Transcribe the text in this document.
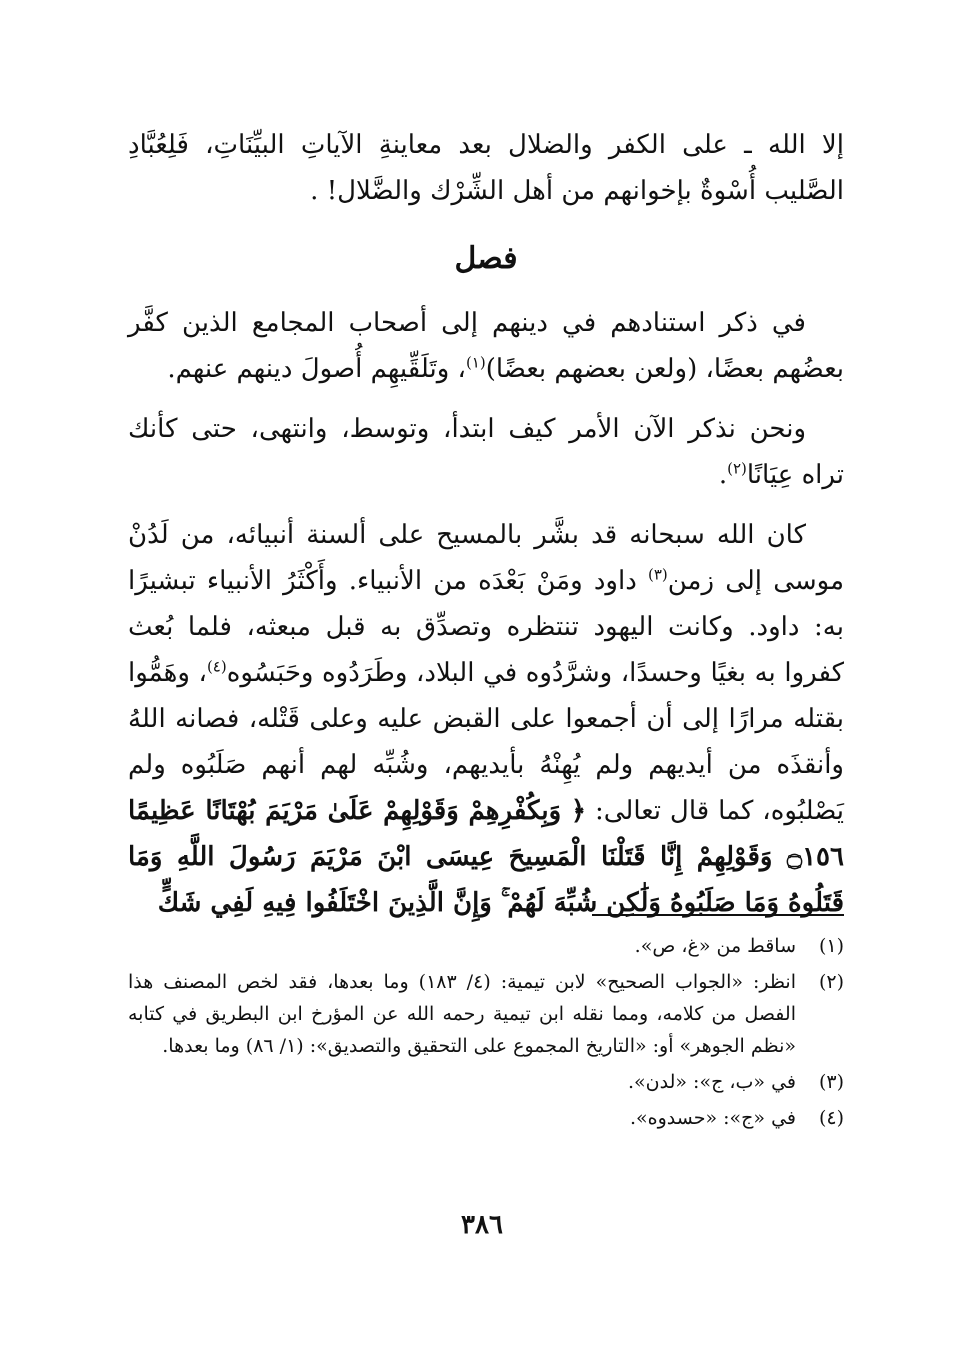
إلا الله ـ على الكفر والضلال بعد معاينةِ الآياتِ البيِّنَاتِ، فَلِعُبَّادِ الصَّليب أُسْوةٌ بإخوانهم من أهل الشِّرْك والضَّلال! .

فصل

في ذكر استنادهم في دينهم إلى أصحاب المجامع الذين كفَّر بعضُهم بعضًا، (ولعن بعضهم بعضًا)$^{(١)}$، وتَلَقِّيهِم أُصولَ دينهم عنهم.

ونحن نذكر الآن الأمر كيف ابتدأ، وتوسط، وانتهى، حتى كأنك تراه عِيَانًا$^{(٢)}$.

كان الله سبحانه قد بشَّر بالمسيح على ألسنة أنبيائه، من لَدُنْ موسى إلى زمن$^{(٣)}$ داود ومَنْ بَعْدَه من الأنبياء. وأَكْثَرُ الأنبياء تبشيرًا به: داود. وكانت اليهود تنتظره وتصدِّق به قبل مبعثه، فلما بُعث كفروا به بغيًا وحسدًا، وشرَّدُوه في البلاد، وطَرَدُوه وحَبَسُوه$^{(٤)}$، وهَمُّوا بقتله مرارًا إلى أن أجمعوا على القبض عليه وعلى قَتْله، فصانه اللهُ وأنقذَه من أيديهم ولم يُهِنْهُ بأيديهم، وشُبِّه لهم أنهم صَلَبُوه ولم يَصْلبُوه، كما قال تعالى: ﴿ وَبِكُفْرِهِمْ وَقَوْلِهِمْ عَلَىٰ مَرْيَمَ بُهْتَانًا عَظِيمًا ۝١٥٦ وَقَوْلِهِمْ إِنَّا قَتَلْنَا الْمَسِيحَ عِيسَى ابْنَ مَرْيَمَ رَسُولَ اللَّهِ وَمَا قَتَلُوهُ وَمَا صَلَبُوهُ وَلَٰكِن شُبِّهَ لَهُمْ ۚ وَإِنَّ الَّذِينَ اخْتَلَفُوا فِيهِ لَفِي شَكٍّ

(١)
ساقط من «غ، ص».
(٢)
انظر: «الجواب الصحيح» لابن تيمية: (٤/ ١٨٣) وما بعدها، فقد لخص المصنف هذا الفصل من كلامه، ومما نقله ابن تيمية رحمه الله عن المؤرخ ابن البطريق في كتابه «نظم الجوهر» أو: «التاريخ المجموع على التحقيق والتصديق»: (١/ ٨٦) وما بعدها.
(٣)
في «ب، ج»: «لدن».
(٤)
في «ج»: «حسدوه».
٣٨٦
